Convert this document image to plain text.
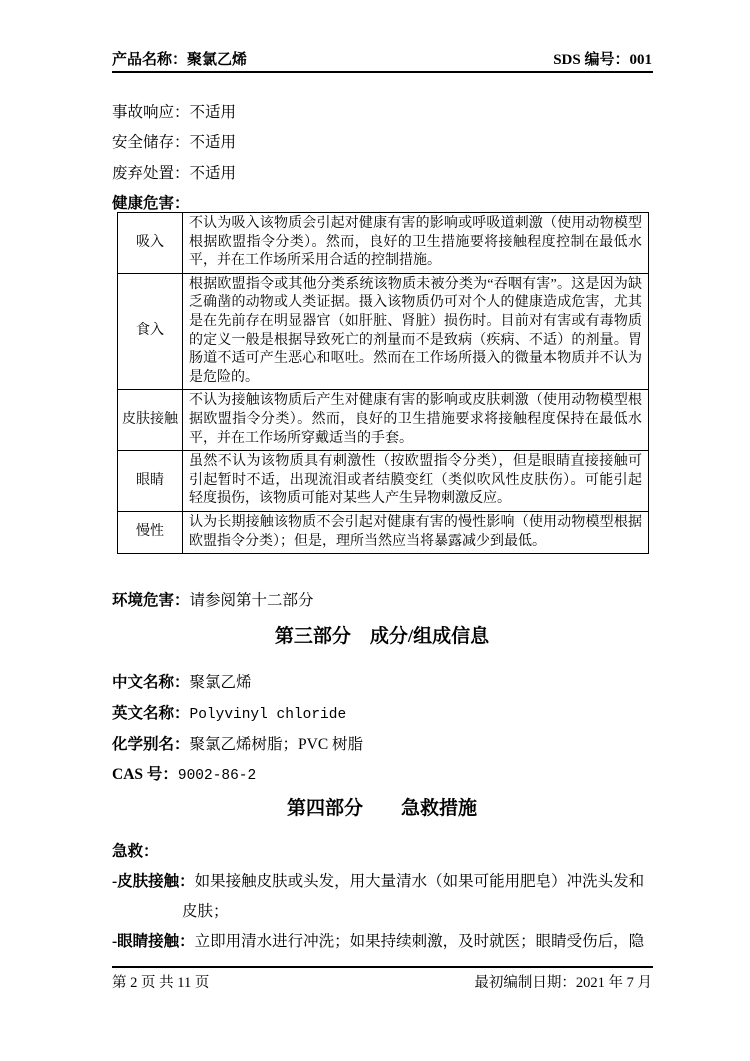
产品名称：聚氯乙烯	SDS 编号：001
事故响应：不适用
安全储存：不适用
废弃处置：不适用
健康危害：
吸入	不认为吸入该物质会引起对健康有害的影响或呼吸道刺激（使用动物模型根据欧盟指令分类）。然而，良好的卫生措施要将接触程度控制在最低水平，并在工作场所采用合适的控制措施。
食入	根据欧盟指令或其他分类系统该物质未被分类为“吞咽有害”。这是因为缺乏确凿的动物或人类证据。摄入该物质仍可对个人的健康造成危害，尤其是在先前存在明显器官（如肝脏、肾脏）损伤时。目前对有害或有毒物质的定义一般是根据导致死亡的剂量而不是致病（疾病、不适）的剂量。胃肠道不适可产生恶心和呕吐。然而在工作场所摄入的微量本物质并不认为是危险的。
皮肤接触	不认为接触该物质后产生对健康有害的影响或皮肤刺激（使用动物模型根据欧盟指令分类）。然而，良好的卫生措施要求将接触程度保持在最低水平，并在工作场所穿戴适当的手套。
眼睛	虽然不认为该物质具有刺激性（按欧盟指令分类），但是眼睛直接接触可引起暂时不适，出现流泪或者结膜变红（类似吹风性皮肤伤）。可能引起轻度损伤，该物质可能对某些人产生异物刺激反应。
慢性	认为长期接触该物质不会引起对健康有害的慢性影响（使用动物模型根据欧盟指令分类）；但是，理所当然应当将暴露减少到最低。
环境危害：请参阅第十二部分
第三部分　成分/组成信息
中文名称：聚氯乙烯
英文名称：Polyvinyl chloride
化学别名：聚氯乙烯树脂；PVC 树脂
CAS 号：9002-86-2
第四部分　　急救措施
急救：
-皮肤接触：如果接触皮肤或头发，用大量清水（如果可能用肥皂）冲洗头发和
皮肤；
-眼睛接触：立即用清水进行冲洗；如果持续刺激，及时就医；眼睛受伤后，隐
第 2 页 共 11 页	最初编制日期：2021 年 7 月
